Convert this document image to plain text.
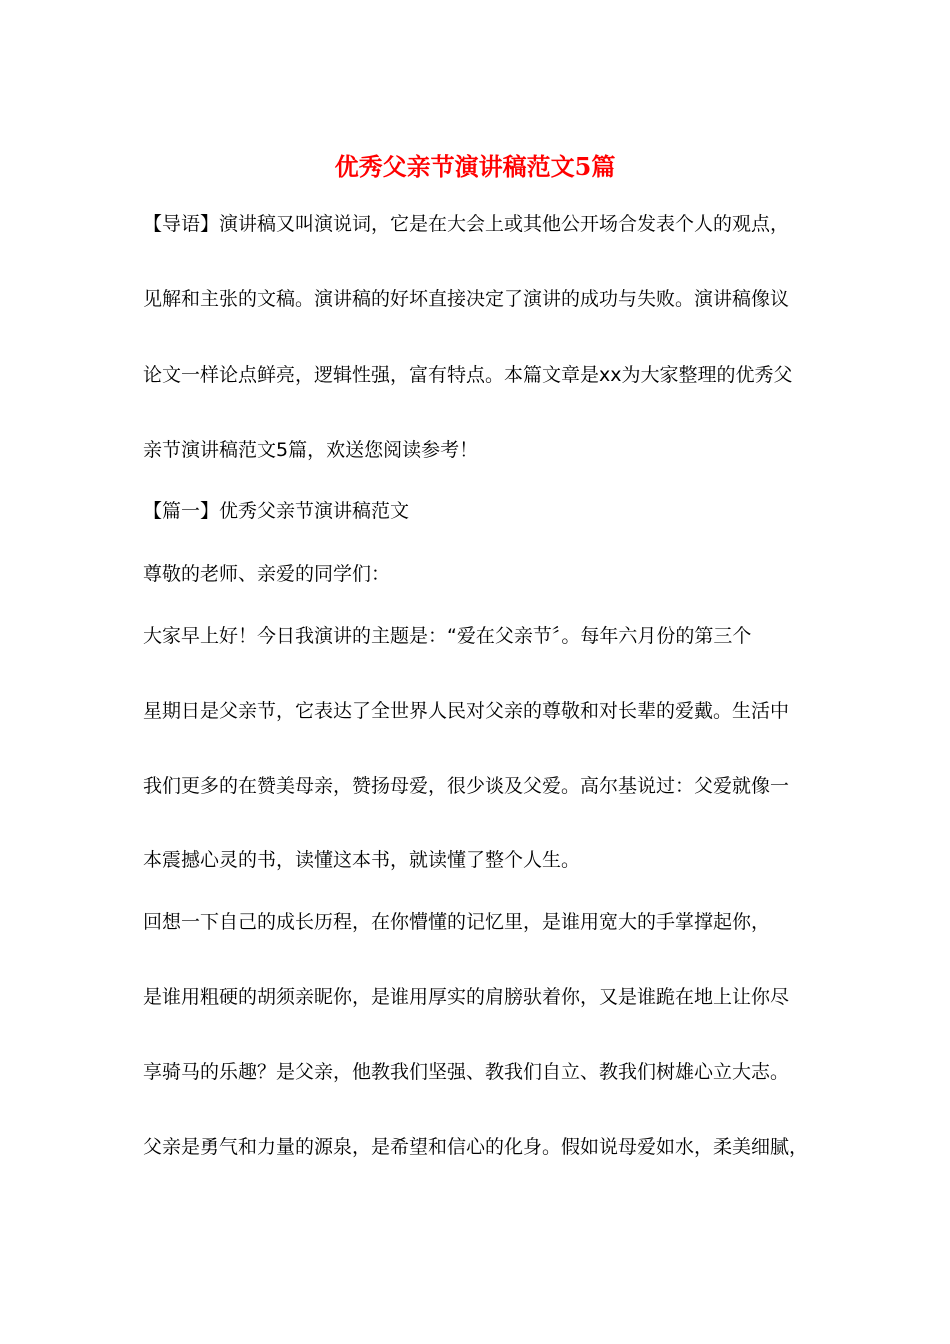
优秀父亲节演讲稿范文5篇
【导语】演讲稿又叫演说词，它是在大会上或其他公开场合发表个人的观点，
见解和主张的文稿。演讲稿的好坏直接决定了演讲的成功与失败。演讲稿像议
论文一样论点鲜亮，逻辑性强，富有特点。本篇文章是xx为大家整理的优秀父
亲节演讲稿范文5篇，欢送您阅读参考！
【篇一】优秀父亲节演讲稿范文
尊敬的老师、亲爱的同学们：
大家早上好！今日我演讲的主题是：“爱在父亲节〞。每年六月份的第三个
星期日是父亲节，它表达了全世界人民对父亲的尊敬和对长辈的爱戴。生活中
我们更多的在赞美母亲，赞扬母爱，很少谈及父爱。高尔基说过：父爱就像一
本震撼心灵的书，读懂这本书，就读懂了整个人生。
回想一下自己的成长历程，在你懵懂的记忆里，是谁用宽大的手掌撑起你，
是谁用粗硬的胡须亲昵你，是谁用厚实的肩膀驮着你，又是谁跪在地上让你尽
享骑马的乐趣？是父亲，他教我们坚强、教我们自立、教我们树雄心立大志。
父亲是勇气和力量的源泉，是希望和信心的化身。假如说母爱如水，柔美细腻，
